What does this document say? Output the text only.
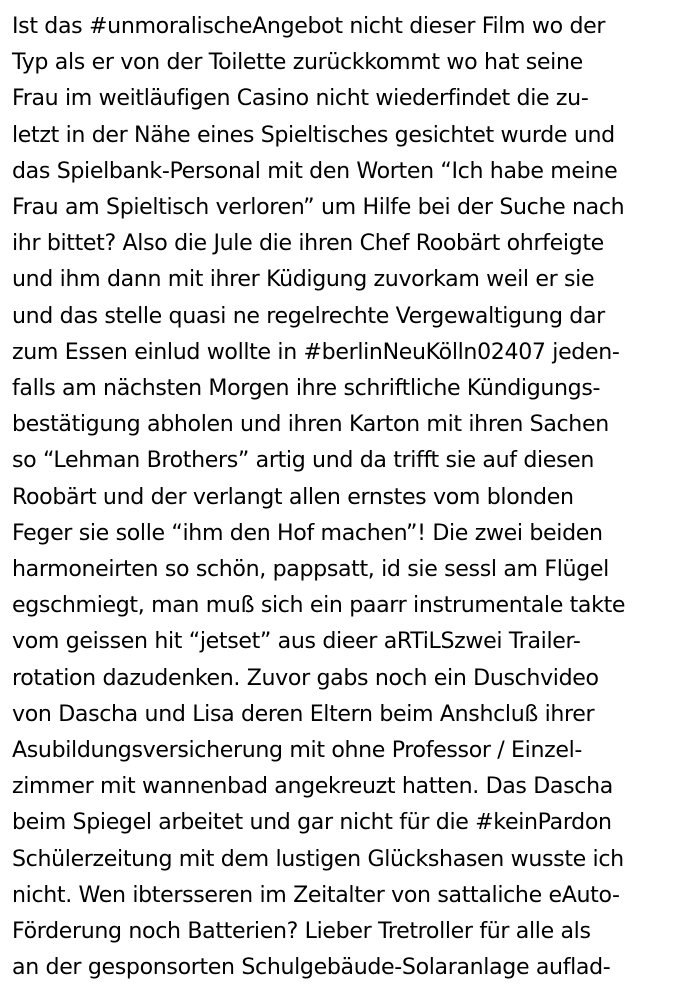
Ist das #unmoralischeAngebot nicht dieser Film wo der
Typ als er von der Toilette zurückkommt wo hat seine
Frau im weitläufigen Casino nicht wiederfindet die zu-
letzt in der Nähe eines Spieltisches gesichtet wurde und
das Spielbank-Personal mit den Worten “Ich habe meine
Frau am Spieltisch verloren” um Hilfe bei der Suche nach
ihr bittet? Also die Jule die ihren Chef Roobärt ohrfeigte
und ihm dann mit ihrer Küdigung zuvorkam weil er sie
und das stelle quasi ne regelrechte Vergewaltigung dar
zum Essen einlud wollte in #berlinNeuKölln02407 jeden-
falls am nächsten Morgen ihre schriftliche Kündigungs-
bestätigung abholen und ihren Karton mit ihren Sachen
so “Lehman Brothers” artig und da trifft sie auf diesen
Roobärt und der verlangt allen ernstes vom blonden
Feger sie solle “ihm den Hof machen”! Die zwei beiden
harmoneirten so schön, pappsatt, id sie sessl am Flügel
egschmiegt, man muß sich ein paarr instrumentale takte
vom geissen hit “jetset” aus dieer aRTiLSzwei Trailer-
rotation dazudenken. Zuvor gabs noch ein Duschvideo
von Dascha und Lisa deren Eltern beim Anshcluß ihrer
Asubildungsversicherung mit ohne Professor / Einzel-
zimmer mit wannenbad angekreuzt hatten. Das Dascha
beim Spiegel arbeitet und gar nicht für die #keinPardon
Schülerzeitung mit dem lustigen Glückshasen wusste ich
nicht. Wen ibtersseren im Zeitalter von sattaliche eAuto-
Förderung noch Batterien? Lieber Tretroller für alle als
an der gesponsorten Schulgebäude-Solaranlage auflad-
